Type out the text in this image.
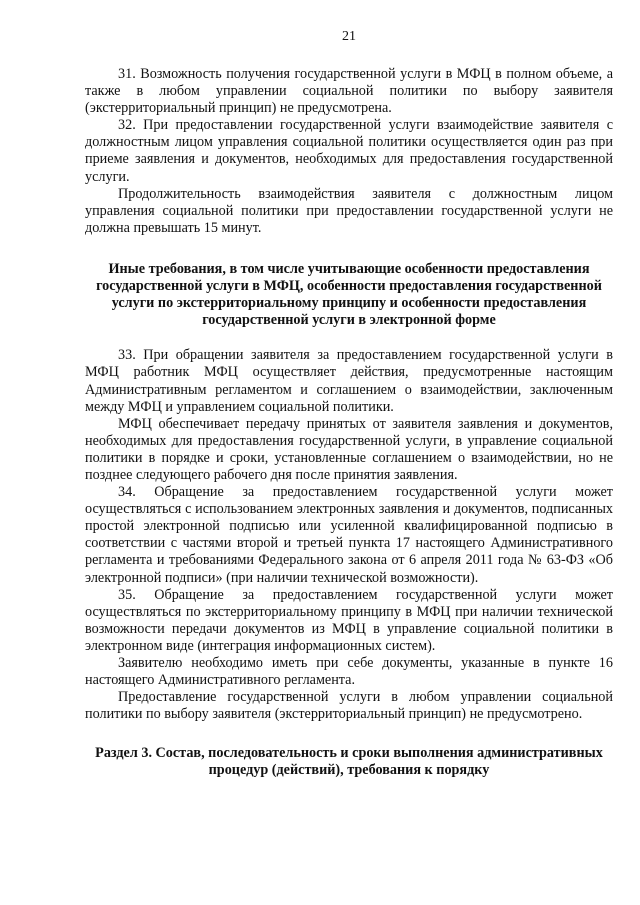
21

31. Возможность получения государственной услуги в МФЦ в полном объеме, а также в любом управлении социальной политики по выбору заявителя (экстерриториальный принцип) не предусмотрена.

32. При предоставлении государственной услуги взаимодействие заявителя с должностным лицом управления социальной политики осуществляется один раз при приеме заявления и документов, необходимых для предоставления государственной услуги.

Продолжительность взаимодействия заявителя с должностным лицом управления социальной политики при предоставлении государственной услуги не должна превышать 15 минут.

Иные требования, в том числе учитывающие особенности предоставления государственной услуги в МФЦ, особенности предоставления государственной услуги по экстерриториальному принципу и особенности предоставления государственной услуги в электронной форме

33. При обращении заявителя за предоставлением государственной услуги в МФЦ работник МФЦ осуществляет действия, предусмотренные настоящим Административным регламентом и соглашением о взаимодействии, заключенным между МФЦ и управлением социальной политики.

МФЦ обеспечивает передачу принятых от заявителя заявления и документов, необходимых для предоставления государственной услуги, в управление социальной политики в порядке и сроки, установленные соглашением о взаимодействии, но не позднее следующего рабочего дня после принятия заявления.

34. Обращение за предоставлением государственной услуги может осуществляться с использованием электронных заявления и документов, подписанных простой электронной подписью или усиленной квалифицированной подписью в соответствии с частями второй и третьей пункта 17 настоящего Административного регламента и требованиями Федерального закона от 6 апреля 2011 года № 63-ФЗ «Об электронной подписи» (при наличии технической возможности).

35. Обращение за предоставлением государственной услуги может осуществляться по экстерриториальному принципу в МФЦ при наличии технической возможности передачи документов из МФЦ в управление социальной политики в электронном виде (интеграция информационных систем).

Заявителю необходимо иметь при себе документы, указанные в пункте 16 настоящего Административного регламента.

Предоставление государственной услуги в любом управлении социальной политики по выбору заявителя (экстерриториальный принцип) не предусмотрено.

Раздел 3. Состав, последовательность и сроки выполнения административных процедур (действий), требования к порядку
